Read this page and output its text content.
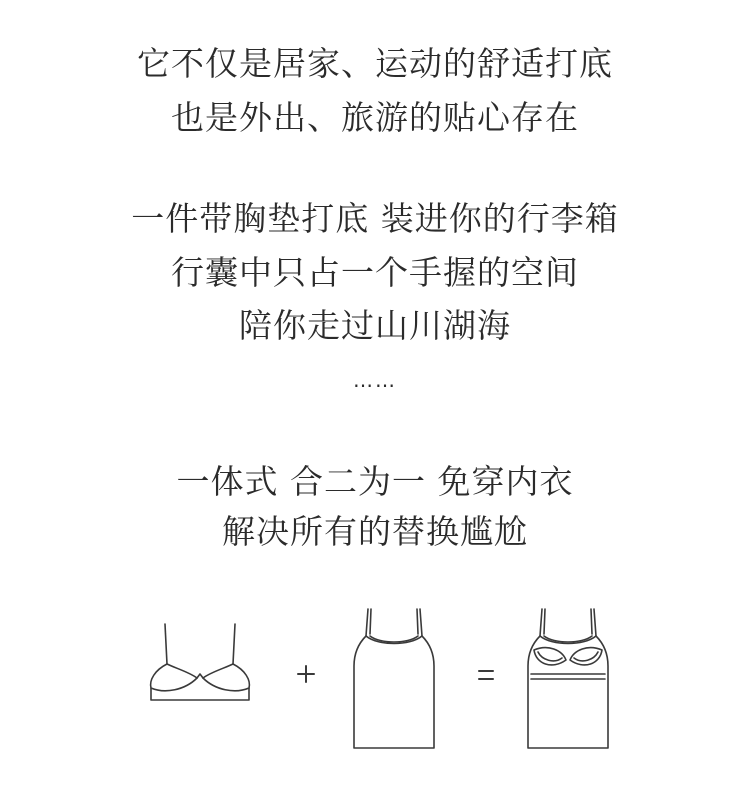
它不仅是居家、运动的舒适打底
也是外出、旅游的贴心存在
一件带胸垫打底 装进你的行李箱
行囊中只占一个手握的空间
陪你走过山川湖海
……
一体式 合二为一 免穿内衣
解决所有的替换尴尬
